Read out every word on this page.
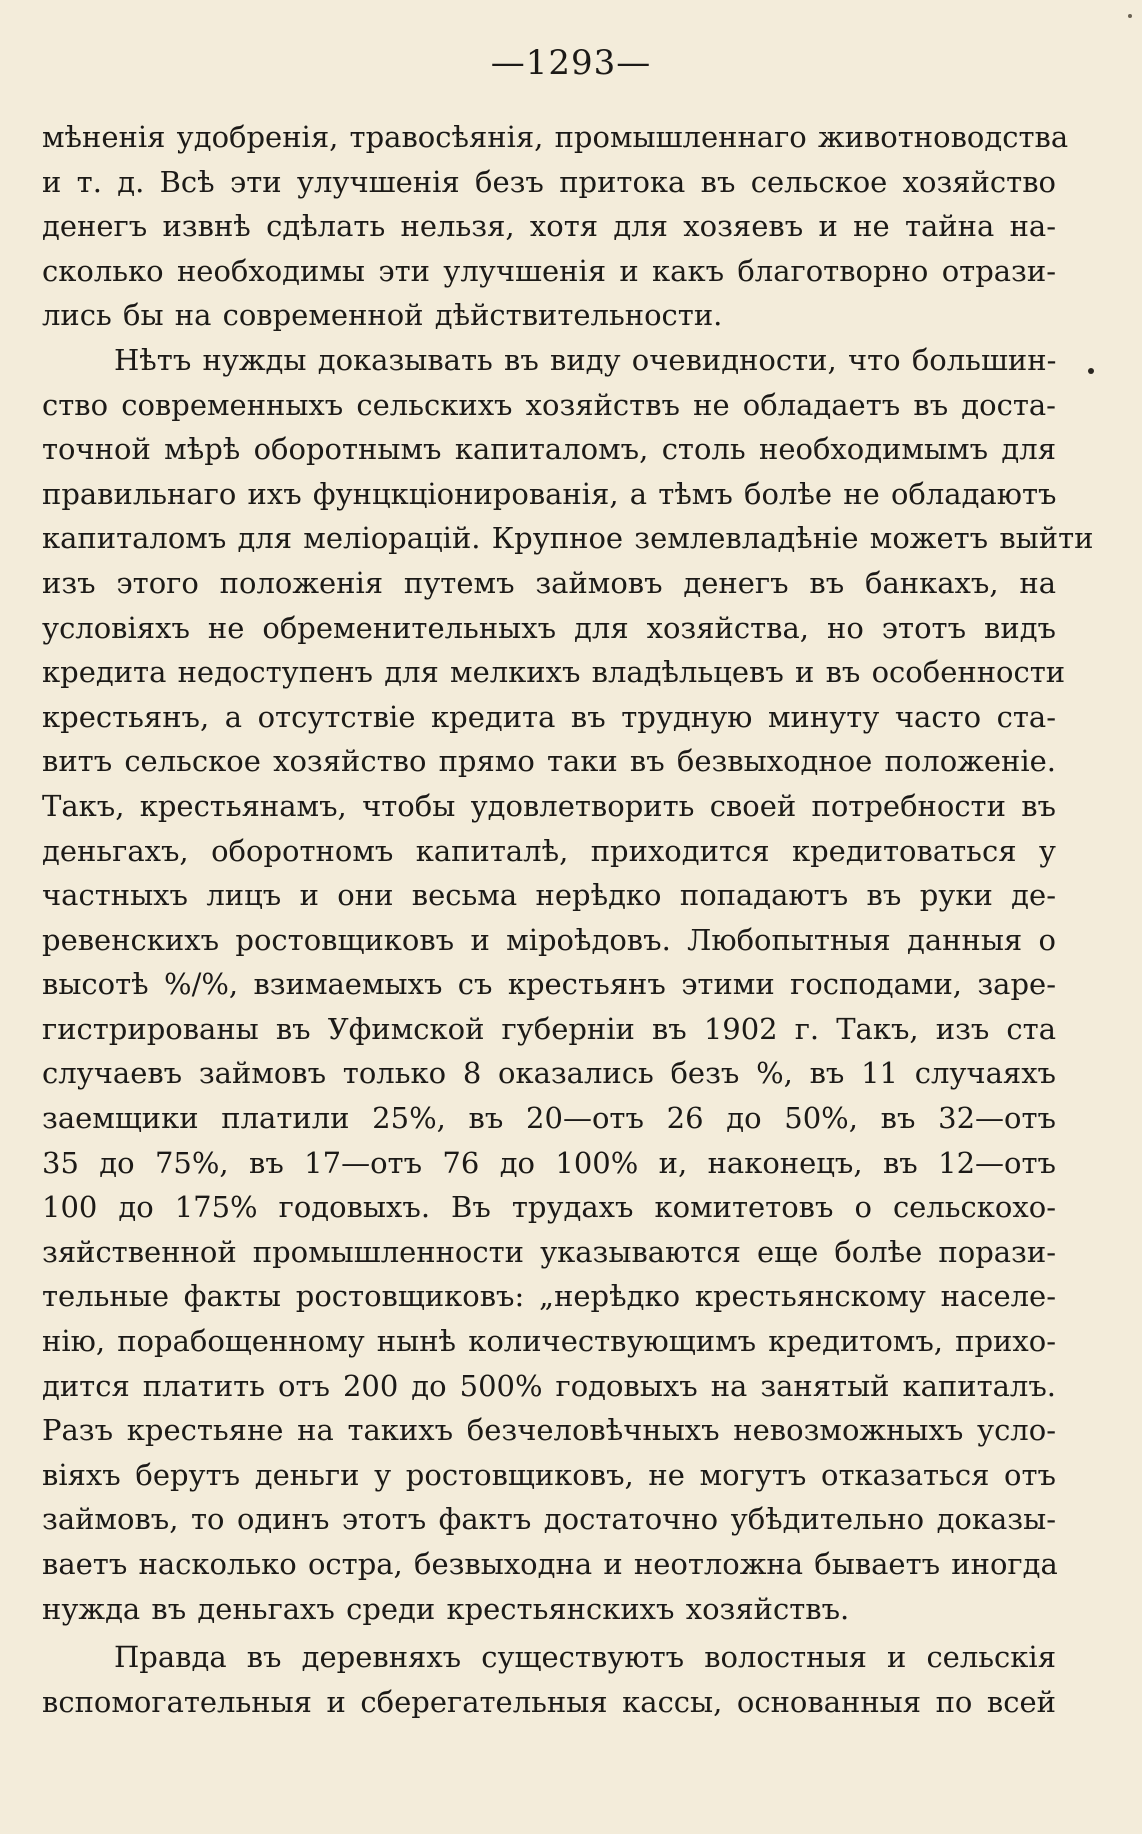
—1293—
мѣненія удобренія, травосѣянія, промышленнаго животноводства
и т. д. Всѣ эти улучшенія безъ притока въ сельское хозяйство
денегъ извнѣ сдѣлать нельзя, хотя для хозяевъ и не тайна на-
сколько необходимы эти улучшенія и какъ благотворно отрази-
лись бы на современной дѣйствительности.
Нѣтъ нужды доказывать въ виду очевидности, что большин-
ство современныхъ сельскихъ хозяйствъ не обладаетъ въ доста-
точной мѣрѣ оборотнымъ капиталомъ, столь необходимымъ для
правильнаго ихъ фунцкціонированія, а тѣмъ болѣе не обладаютъ
капиталомъ для меліорацій. Крупное землевладѣніе можетъ выйти
изъ этого положенія путемъ займовъ денегъ въ банкахъ, на
условіяхъ не обременительныхъ для хозяйства, но этотъ видъ
кредита недоступенъ для мелкихъ владѣльцевъ и въ особенности
крестьянъ, а отсутствіе кредита въ трудную минуту часто ста-
витъ сельское хозяйство прямо таки въ безвыходное положеніе.
Такъ, крестьянамъ, чтобы удовлетворить своей потребности въ
деньгахъ, оборотномъ капиталѣ, приходится кредитоваться у
частныхъ лицъ и они весьма нерѣдко попадаютъ въ руки де-
ревенскихъ ростовщиковъ и міроѣдовъ. Любопытныя данныя о
высотѣ %/%, взимаемыхъ съ крестьянъ этими господами, заре-
гистрированы въ Уфимской губерніи въ 1902 г. Такъ, изъ ста
случаевъ займовъ только 8 оказались безъ %, въ 11 случаяхъ
заемщики платили 25%, въ 20—отъ 26 до 50%, въ 32—отъ
35 до 75%, въ 17—отъ 76 до 100% и, наконецъ, въ 12—отъ
100 до 175% годовыхъ. Въ трудахъ комитетовъ о сельскохо-
зяйственной промышленности указываются еще болѣе порази-
тельные факты ростовщиковъ: „нерѣдко крестьянскому населе-
нію, порабощенному нынѣ количествующимъ кредитомъ, прихо-
дится платить отъ 200 до 500% годовыхъ на занятый капиталъ.
Разъ крестьяне на такихъ безчеловѣчныхъ невозможныхъ усло-
віяхъ берутъ деньги у ростовщиковъ, не могутъ отказаться отъ
займовъ, то одинъ этотъ фактъ достаточно убѣдительно доказы-
ваетъ насколько остра, безвыходна и неотложна бываетъ иногда
нужда въ деньгахъ среди крестьянскихъ хозяйствъ.
Правда въ деревняхъ существуютъ волостныя и сельскія
вспомогательныя и сберегательныя кассы, основанныя по всей
